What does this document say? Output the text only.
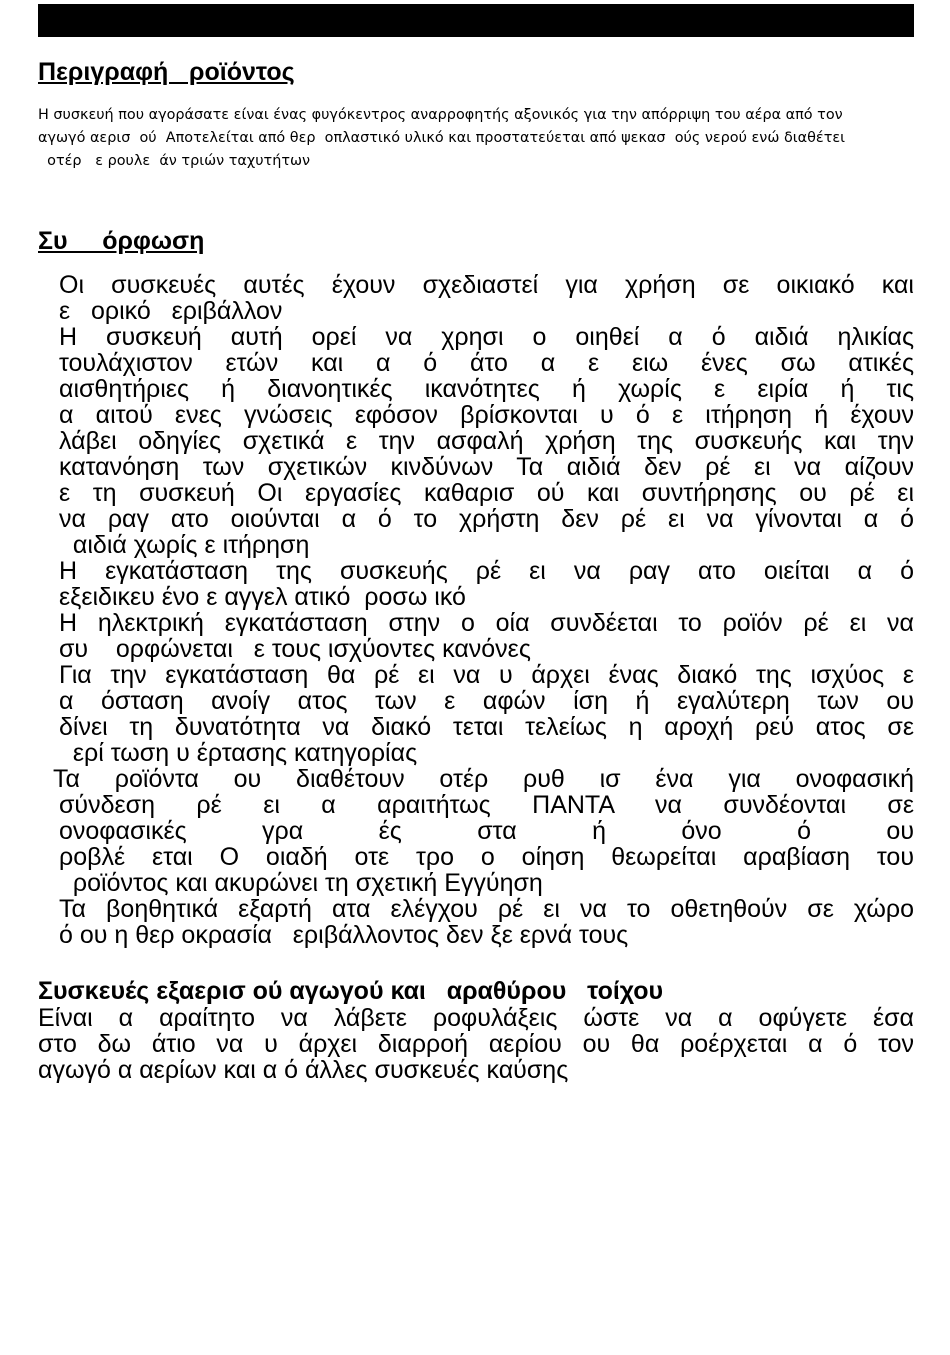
Περιγραφή   ροϊόντος
Η συσκευή που αγοράσατε είναι ένας φυγόκεντρος αναρροφητής αξονικός για την απόρριψη του αέρα από τον
αγωγό αερισ  ού  Αποτελείται από θερ  οπλαστικό υλικό και προστατεύεται από ψεκασ  ούς νερού ενώ διαθέτει
οτέρ   ε ρουλε  άν τριών ταχυτήτων
Συ     όρφωση
Οι συσκευές αυτές έχουν σχεδιαστεί για χρήση σε οικιακό και
ε   ορικό   εριβάλλον
Η συσκευή αυτή ορεί να χρησι ο οιηθεί α ό αιδιά ηλικίας
τουλάχιστον ετών και α ό άτο α ε ειω ένες σω ατικές
αισθητήριες ή διανοητικές ικανότητες ή χωρίς ε ειρία ή τις
α αιτού ενες γνώσεις εφόσον βρίσκονται υ ό ε ιτήρηση ή έχουν
λάβει οδηγίες σχετικά ε την ασφαλή χρήση της συσκευής και την
κατανόηση των σχετικών κινδύνων Τα αιδιά δεν ρέ ει να αίζουν
ε τη συσκευή Οι εργασίες καθαρισ ού και συντήρησης ου ρέ ει
να ραγ ατο οιούνται α ό το χρήστη δεν ρέ ει να γίνονται α ό
αιδιά χωρίς ε ιτήρηση
Η εγκατάσταση της συσκευής ρέ ει να ραγ ατο οιείται α ό
εξειδικευ ένο ε αγγελ ατικό  ροσω ικό
Η ηλεκτρική εγκατάσταση στην ο οία συνδέεται το ροϊόν ρέ ει να
συ    ορφώνεται   ε τους ισχύοντες κανόνες
Για την εγκατάσταση θα ρέ ει να υ άρχει ένας διακό της ισχύος ε
α όσταση ανοίγ ατος των ε αφών ίση ή εγαλύτερη των ου
δίνει τη δυνατότητα να διακό τεται τελείως η αροχή ρεύ ατος σε
ερί τωση υ έρτασης κατηγορίας
Τα ροϊόντα ου διαθέτουν οτέρ ρυθ ισ ένα για ονοφασική
σύνδεση ρέ ει α αραιτήτως ΠΑΝΤΑ να συνδέονται σε
ονοφασικές γρα ές στα ή όνο ό ου
ροβλέ εται Ο οιαδή οτε τρο ο οίηση θεωρείται αραβίαση του
ροϊόντος και ακυρώνει τη σχετική Εγγύηση
Τα βοηθητικά εξαρτή ατα ελέγχου ρέ ει να το οθετηθούν σε χώρο
ό ου η θερ οκρασία   εριβάλλοντος δεν ξε ερνά τους
Συσκευές εξαερισ ού αγωγού και   αραθύρου   τοίχου
Είναι α αραίτητο να λάβετε ροφυλάξεις ώστε να α οφύγετε έσα
στο δω άτιο να υ άρχει διαρροή αερίου ου θα ροέρχεται α ό τον
αγωγό α αερίων και α ό άλλες συσκευές καύσης
